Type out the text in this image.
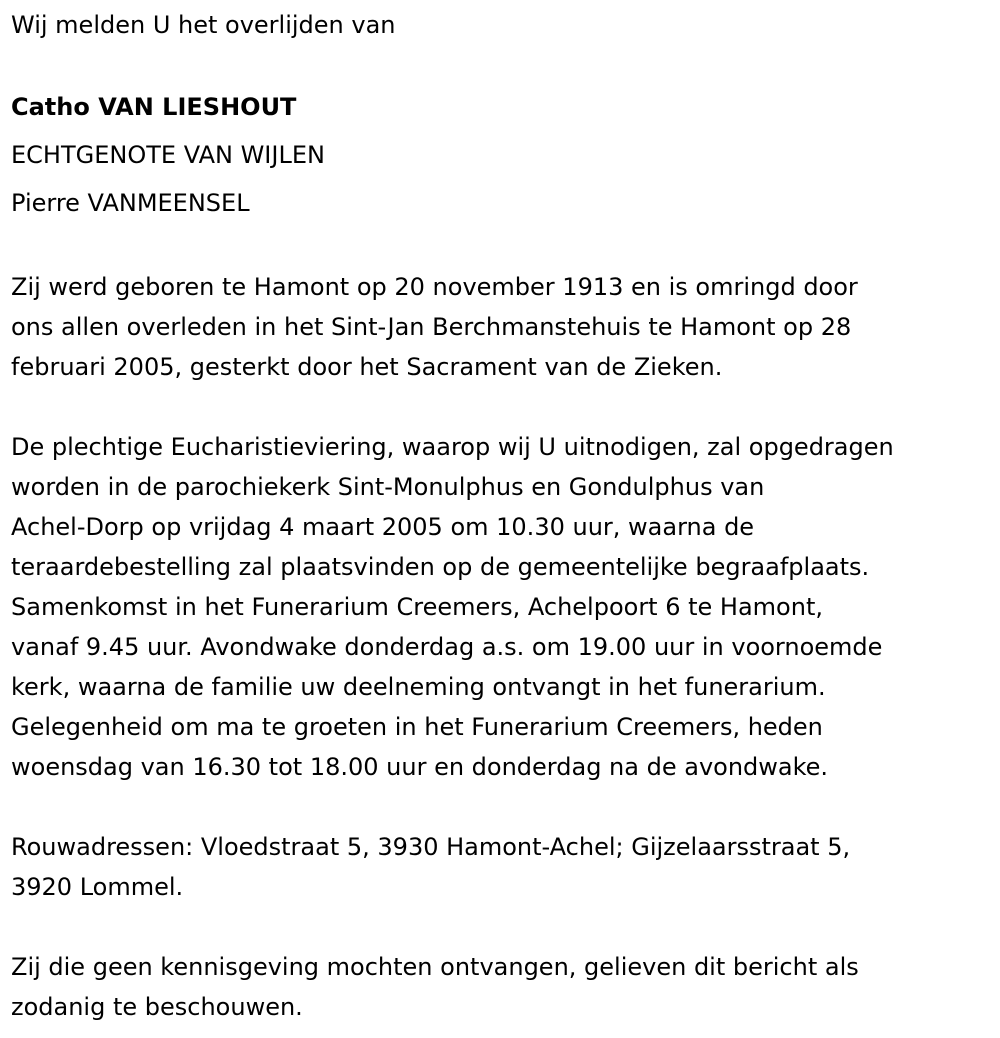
Wij melden U het overlijden van
Catho VAN LIESHOUT
ECHTGENOTE VAN WIJLEN
Pierre VANMEENSEL
Zij werd geboren te Hamont op 20 november 1913 en is omringd door
ons allen overleden in het Sint-Jan Berchmanstehuis te Hamont op 28
februari 2005, gesterkt door het Sacrament van de Zieken.
De plechtige Eucharistieviering, waarop wij U uitnodigen, zal opgedragen
worden in de parochiekerk Sint-Monulphus en Gondulphus van
Achel-Dorp op vrijdag 4 maart 2005 om 10.30 uur, waarna de
teraardebestelling zal plaatsvinden op de gemeentelijke begraafplaats.
Samenkomst in het Funerarium Creemers, Achelpoort 6 te Hamont,
vanaf 9.45 uur. Avondwake donderdag a.s. om 19.00 uur in voornoemde
kerk, waarna de familie uw deelneming ontvangt in het funerarium.
Gelegenheid om ma te groeten in het Funerarium Creemers, heden
woensdag van 16.30 tot 18.00 uur en donderdag na de avondwake.
Rouwadressen: Vloedstraat 5, 3930 Hamont-Achel; Gijzelaarsstraat 5,
3920 Lommel.
Zij die geen kennisgeving mochten ontvangen, gelieven dit bericht als
zodanig te beschouwen.
